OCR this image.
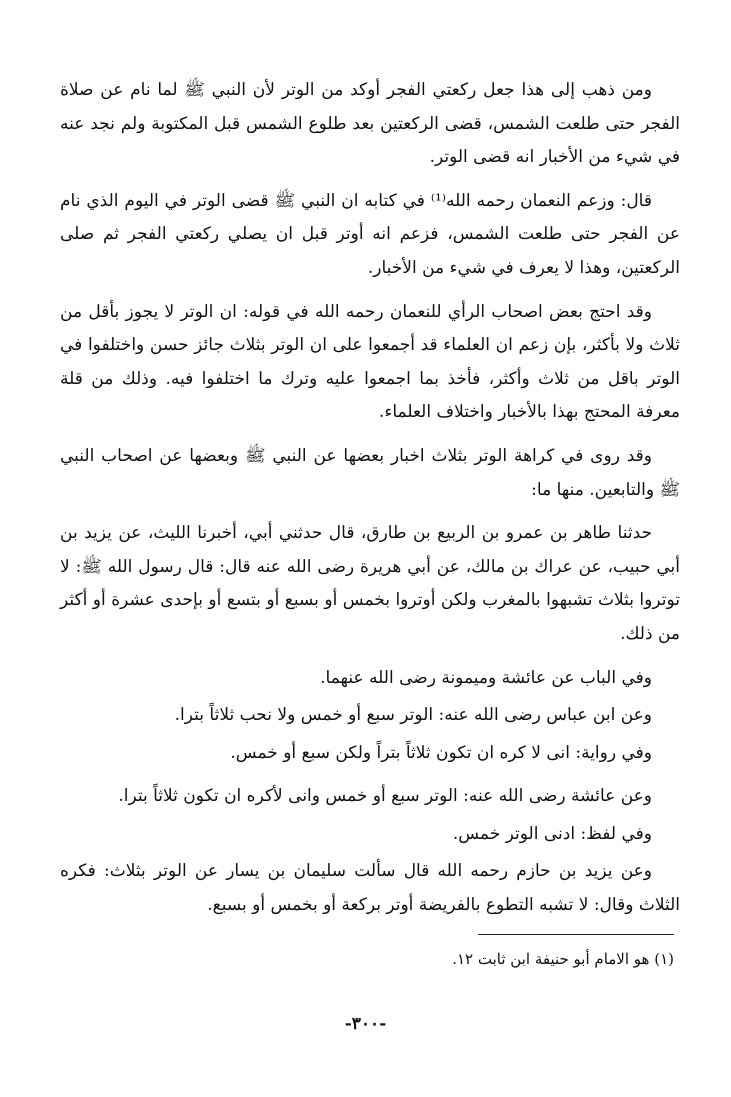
ومن ذهب إلى هذا جعل ركعتي الفجر أوكد من الوتر لأن النبي ﷺ لما نام عن صلاة الفجر حتى طلعت الشمس، قضى الركعتين بعد طلوع الشمس قبل المكتوبة ولم نجد عنه في شيء من الأخبار انه قضى الوتر.

قال: وزعم النعمان رحمه الله⁽¹⁾ في كتابه ان النبي ﷺ قضى الوتر في اليوم الذي نام عن الفجر حتى طلعت الشمس، فزعم انه أوتر قبل ان يصلي ركعتي الفجر ثم صلى الركعتين، وهذا لا يعرف في شيء من الأخبار.

وقد احتج بعض اصحاب الرأي للنعمان رحمه الله في قوله: ان الوتر لا يجوز بأقل من ثلاث ولا بأكثر، بإن زعم ان العلماء قد أجمعوا على ان الوتر بثلاث جائز حسن واختلفوا في الوتر باقل من ثلاث وأكثر، فأخذ بما اجمعوا عليه وترك ما اختلفوا فيه. وذلك من قلة معرفة المحتج بهذا بالأخبار واختلاف العلماء.

وقد روى في كراهة الوتر بثلاث اخبار بعضها عن النبي ﷺ وبعضها عن اصحاب النبي ﷺ والتابعين. منها ما:

حدثنا طاهر بن عمرو بن الربيع بن طارق، قال حدثني أبي، أخبرنا الليث، عن يزيد بن أبي حبيب، عن عراك بن مالك، عن أبي هريرة رضى الله عنه قال: قال رسول الله ﷺ: لا توتروا بثلاث تشبهوا بالمغرب ولكن أوتروا بخمس أو بسبع أو بتسع أو بإحدى عشرة أو أكثر من ذلك.

وفي الباب عن عائشة وميمونة رضى الله عنهما.

وعن ابن عباس رضى الله عنه: الوتر سبع أو خمس ولا نحب ثلاثاً بترا.

وفي رواية: انى لا كره ان تكون ثلاثاً بتراً ولكن سبع أو خمس.

وعن عائشة رضى الله عنه: الوتر سبع أو خمس وانى لأكره ان تكون ثلاثاً بترا.

وفي لفظ: ادنى الوتر خمس.

وعن يزيد بن حازم رحمه الله قال سألت سليمان بن يسار عن الوتر بثلاث: فكره الثلاث وقال: لا تشبه التطوع بالفريضة أوتر بركعة أو بخمس أو بسبع.

(١) هو الامام أبو حنيفة ابن ثابت ١٢.
-٣٠٠-
